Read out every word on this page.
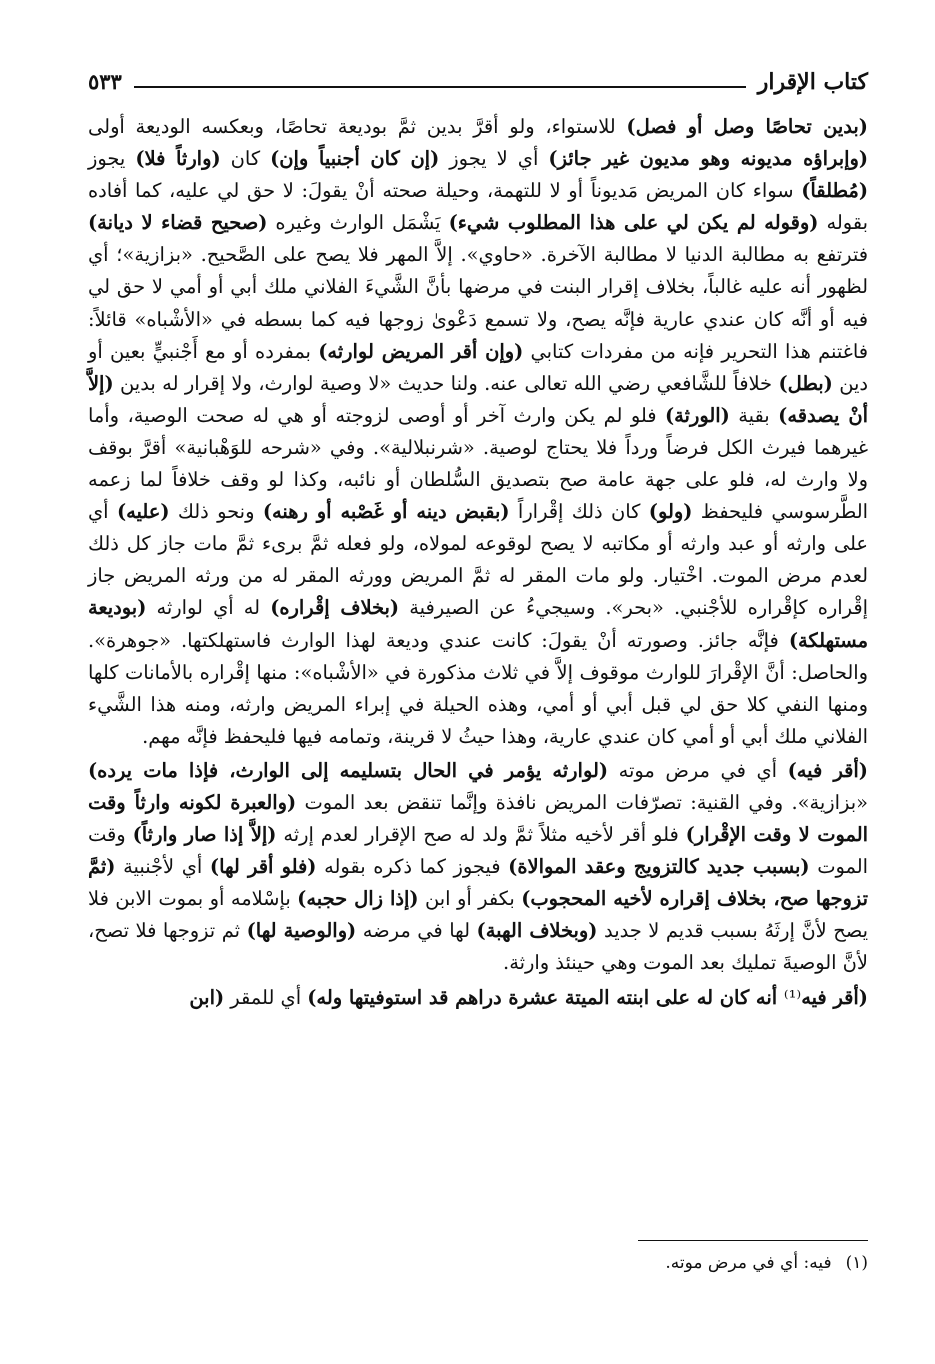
كتاب الإقرار
٥٣٣

(بدين تحاصًا وصل أو فصل) للاستواء، ولو أقرَّ بدين ثمَّ بوديعة تحاصًا، وبعكسه الوديعة أولى (وإبراؤه مديونه وهو مديون غير جائز) أي لا يجوز (إن كان أجنبياً وإن) كان (وارثاً فلا) يجوز (مُطلقاً) سواء كان المريض مَديوناً أو لا للتهمة، وحيلة صحته أنْ يقولَ: لا حق لي عليه، كما أفاده بقوله (وقوله لم يكن لي على هذا المطلوب شيء) يَشْمَل الوارث وغيره (صحيح قضاء لا ديانة) فترتفع به مطالبة الدنيا لا مطالبة الآخرة. «حاوي». إلاَّ المهر فلا يصح على الصَّحيح. «بزازية»؛ أي لظهور أنه عليه غالباً، بخلاف إقرار البنت في مرضها بأنَّ الشَّيءَ الفلاني ملك أبي أو أمي لا حق لي فيه أو أنَّه كان عندي عارية فإنَّه يصح، ولا تسمع دَعْوىٰ زوجها فيه كما بسطه في «الأشْباه» قائلاً: فاغتنم هذا التحرير فإنه من مفردات كتابي (وإن أقر المريض لوارثه) بمفرده أو مع أَجْنبيٍّ بعين أو دين (بطل) خلافاً للشَّافعي رضي الله تعالى عنه. ولنا حديث «لا وصية لوارث، ولا إقرار له بدين (إلاَّ أنْ يصدقه) بقية (الورثة) فلو لم يكن وارث آخر أو أوصى لزوجته أو هي له صحت الوصية، وأما غيرهما فيرث الكل فرضاً ورداً فلا يحتاج لوصية. «شرنبلالية». وفي «شرحه للوَهْبانية» أقرَّ بوقف ولا وارث له، فلو على جهة عامة صح بتصديق السُّلطان أو نائبه، وكذا لو وقف خلافاً لما زعمه الطَّرسوسي فليحفظ (ولو) كان ذلك إقْراراً (بقبض دينه أو غَصْبه أو رهنه) ونحو ذلك (عليه) أي على وارثه أو عبد وارثه أو مكاتبه لا يصح لوقوعه لمولاه، ولو فعله ثمَّ برىء ثمَّ مات جاز كل ذلك لعدم مرض الموت. اخْتيار. ولو مات المقر له ثمَّ المريض وورثه المقر له من ورثه المريض جاز إقْراره كإقْراره للأجْنبي. «بحر». وسيجيءُ عن الصيرفية (بخلاف إقْراره) له أي لوارثه (بوديعة مستهلكة) فإنَّه جائز. وصورته أنْ يقولَ: كانت عندي وديعة لهذا الوارث فاستهلكتها. «جوهرة». والحاصل: أنَّ الإقْرارَ للوارث موقوف إلاَّ في ثلاث مذكورة في «الأشْباه»: منها إقْراره بالأمانات كلها ومنها النفي كلا حق لي قبل أبي أو أمي، وهذه الحيلة في إبراء المريض وارثه، ومنه هذا الشَّيء الفلاني ملك أبي أو أمي كان عندي عارية، وهذا حيثُ لا قرينة، وتمامه فيها فليحفظ فإنَّه مهم.

(أقر فيه) أي في مرض موته (لوارثه يؤمر في الحال بتسليمه إلى الوارث، فإذا مات يرده) «بزازية». وفي القنية: تصرّفات المريض نافذة وإنَّما تنقض بعد الموت (والعبرة لكونه وارثاً وقت الموت لا وقت الإقْرار) فلو أقر لأخيه مثلاً ثمَّ ولد له صح الإقرار لعدم إرثه (إلاَّ إذا صار وارثاً) وقت الموت (بسبب جديد كالتزويج وعقد الموالاة) فيجوز كما ذكره بقوله (فلو أقر لها) أي لأجْنبية (ثمَّ تزوجها صح، بخلاف إقراره لأخيه المحجوب) بكفر أو ابن (إذا زال حجبه) بإسْلامه أو بموت الابن فلا يصح لأنَّ إرثَهُ بسبب قديم لا جديد (وبخلاف الهبة) لها في مرضه (والوصية لها) ثم تزوجها فلا تصح، لأنَّ الوصيةَ تمليك بعد الموت وهي حينئذ وارثة.

(أقر فيه⁽¹⁾ أنه كان له على ابنته الميتة عشرة دراهم قد استوفيتها وله) أي للمقر (ابن

(١)فيه: أي في مرض موته.
